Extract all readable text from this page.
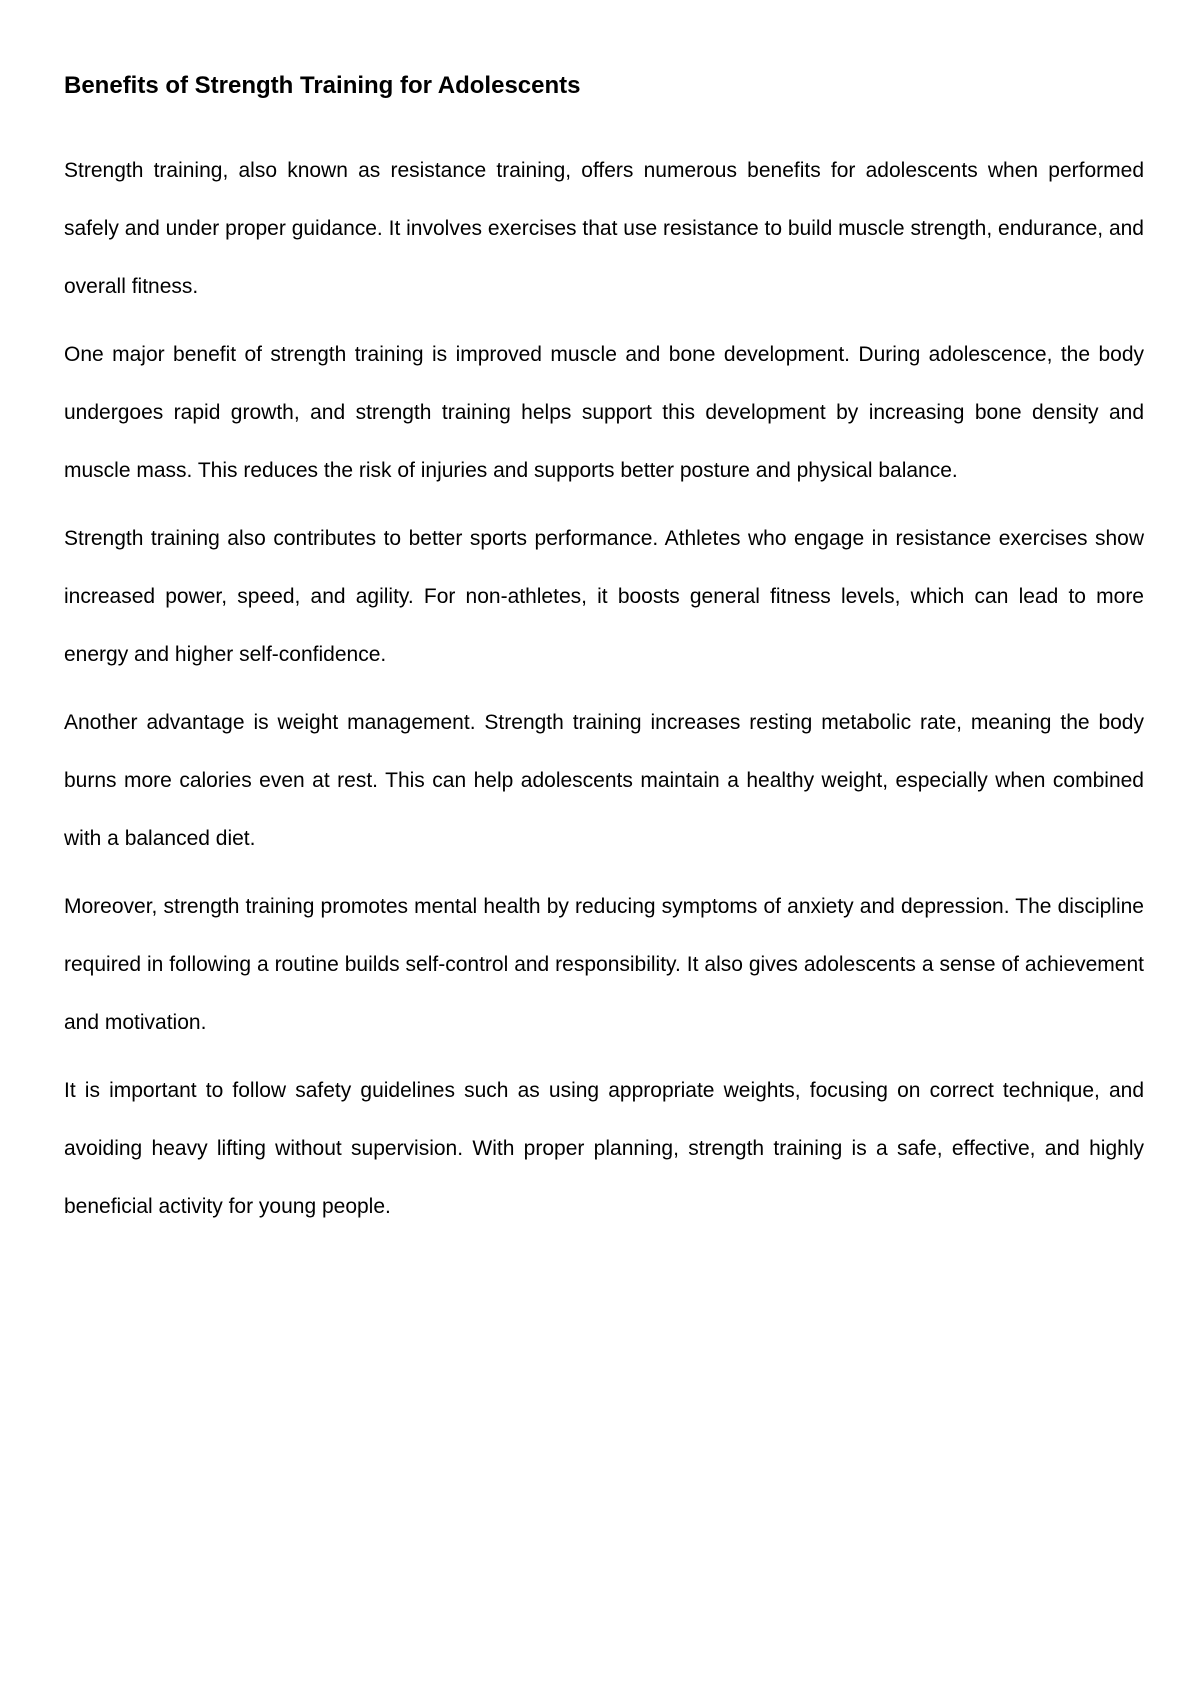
Benefits of Strength Training for Adolescents

Strength training, also known as resistance training, offers numerous benefits for adolescents when performed safely and under proper guidance. It involves exercises that use resistance to build muscle strength, endurance, and overall fitness.

One major benefit of strength training is improved muscle and bone development. During adolescence, the body undergoes rapid growth, and strength training helps support this development by increasing bone density and muscle mass. This reduces the risk of injuries and supports better posture and physical balance.

Strength training also contributes to better sports performance. Athletes who engage in resistance exercises show increased power, speed, and agility. For non-athletes, it boosts general fitness levels, which can lead to more energy and higher self-confidence.

Another advantage is weight management. Strength training increases resting metabolic rate, meaning the body burns more calories even at rest. This can help adolescents maintain a healthy weight, especially when combined with a balanced diet.

Moreover, strength training promotes mental health by reducing symptoms of anxiety and depression. The discipline required in following a routine builds self-control and responsibility. It also gives adolescents a sense of achievement and motivation.

It is important to follow safety guidelines such as using appropriate weights, focusing on correct technique, and avoiding heavy lifting without supervision. With proper planning, strength training is a safe, effective, and highly beneficial activity for young people.
